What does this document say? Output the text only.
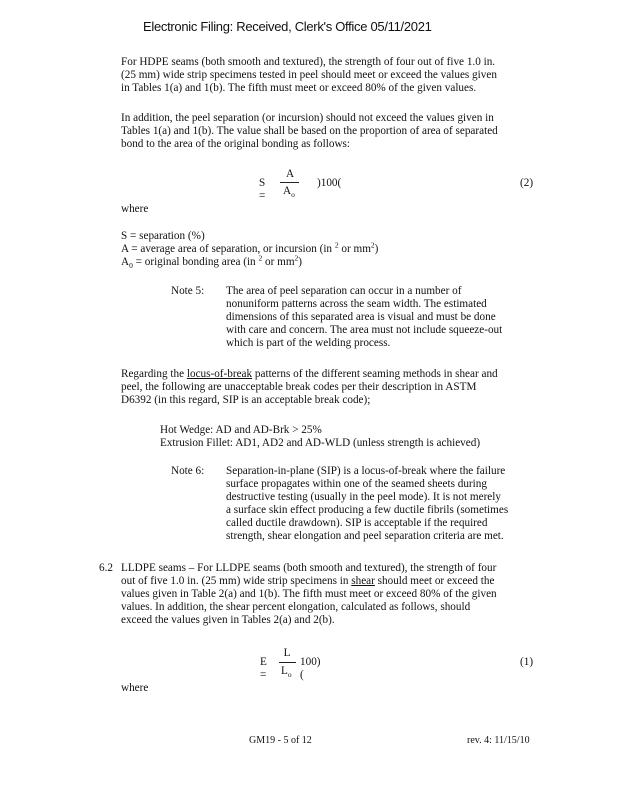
Electronic Filing: Received, Clerk's Office 05/11/2021
For HDPE seams (both smooth and textured), the strength of four out of five 1.0 in.
(25 mm) wide strip specimens tested in peel should meet or exceed the values given
in Tables 1(a) and 1(b). The fifth must meet or exceed 80% of the given values.
In addition, the peel separation (or incursion) should not exceed the values given in
Tables 1(a) and 1(b). The value shall be based on the proportion of area of separated
bond to the area of the original bonding as follows:
S =
A
$A_o$
)100(	(2)
where
S = separation (%)
A = average area of separation, or incursion (in $^2$ or $mm^2$)
$A_0$ = original bonding area (in $^2$ or $mm^2$)
Note 5: The area of peel separation can occur in a number of
nonuniform patterns across the seam width. The estimated
dimensions of this separated area is visual and must be done
with care and concern. The area must not include squeeze-out
which is part of the welding process.
Regarding the locus-of-break patterns of the different seaming methods in shear and
peel, the following are unacceptable break codes per their description in ASTM
D6392 (in this regard, SIP is an acceptable break code);
Hot Wedge: AD and AD-Brk > 25%
Extrusion Fillet: AD1, AD2 and AD-WLD (unless strength is achieved)
Note 6: Separation-in-plane (SIP) is a locus-of-break where the failure
surface propagates within one of the seamed sheets during
destructive testing (usually in the peel mode). It is not merely
a surface skin effect producing a few ductile fibrils (sometimes
called ductile drawdown). SIP is acceptable if the required
strength, shear elongation and peel separation criteria are met.
6.2 LLDPE seams – For LLDPE seams (both smooth and textured), the strength of four
out of five 1.0 in. (25 mm) wide strip specimens in shear should meet or exceed the
values given in Table 2(a) and 1(b). The fifth must meet or exceed 80% of the given
values. In addition, the shear percent elongation, calculated as follows, should
exceed the values given in Tables 2(a) and 2(b).
E =
L
$L_o$
100)(
(1)
where
GM19 - 5 of 12	rev. 4: 11/15/10
